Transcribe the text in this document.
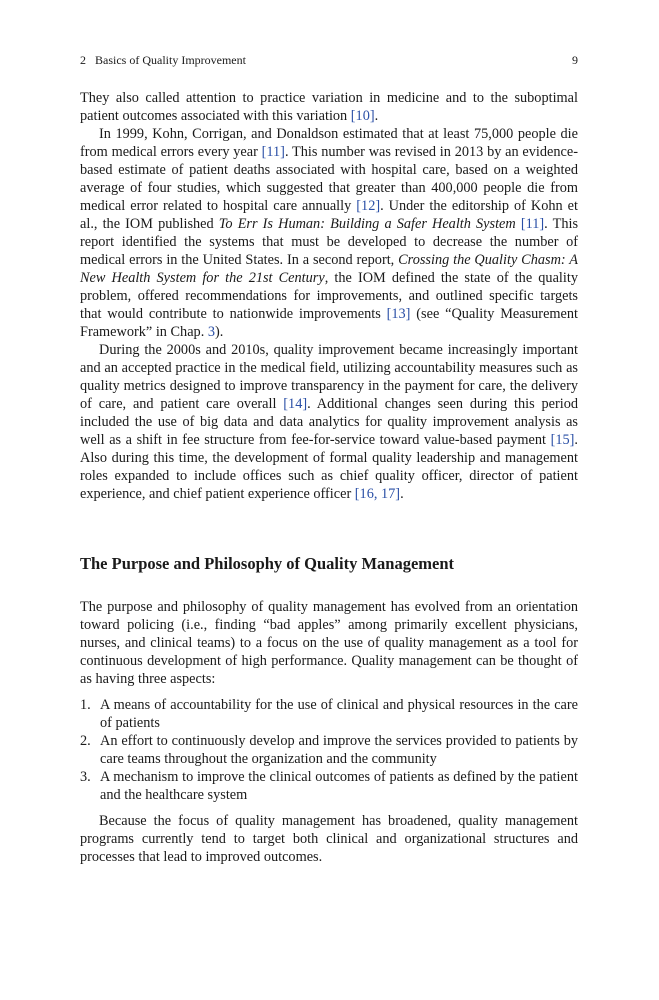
2   Basics of Quality Improvement	9

They also called attention to practice variation in medicine and to the suboptimal patient outcomes associated with this variation [10].

In 1999, Kohn, Corrigan, and Donaldson estimated that at least 75,000 people die from medical errors every year [11]. This number was revised in 2013 by an evidence-based estimate of patient deaths associated with hospital care, based on a weighted average of four studies, which suggested that greater than 400,000 people die from medical error related to hospital care annually [12]. Under the editorship of Kohn et al., the IOM published To Err Is Human: Building a Safer Health System [11]. This report identified the systems that must be developed to decrease the number of medical errors in the United States. In a second report, Crossing the Quality Chasm: A New Health System for the 21st Century, the IOM defined the state of the quality problem, offered recommendations for improvements, and outlined specific targets that would contribute to nationwide improvements [13] (see “Quality Measurement Framework” in Chap. 3).

During the 2000s and 2010s, quality improvement became increasingly important and an accepted practice in the medical field, utilizing accountability measures such as quality metrics designed to improve transparency in the payment for care, the delivery of care, and patient care overall [14]. Additional changes seen during this period included the use of big data and data analytics for quality improvement analysis as well as a shift in fee structure from fee-for-service toward value-based payment [15]. Also during this time, the development of formal quality leadership and management roles expanded to include offices such as chief quality officer, director of patient experience, and chief patient experience officer [16, 17].

The Purpose and Philosophy of Quality Management

The purpose and philosophy of quality management has evolved from an orientation toward policing (i.e., finding “bad apples” among primarily excellent physicians, nurses, and clinical teams) to a focus on the use of quality management as a tool for continuous development of high performance. Quality management can be thought of as having three aspects:

1. A means of accountability for the use of clinical and physical resources in the care of patients
2. An effort to continuously develop and improve the services provided to patients by care teams throughout the organization and the community
3. A mechanism to improve the clinical outcomes of patients as defined by the patient and the healthcare system

Because the focus of quality management has broadened, quality management programs currently tend to target both clinical and organizational structures and processes that lead to improved outcomes.
